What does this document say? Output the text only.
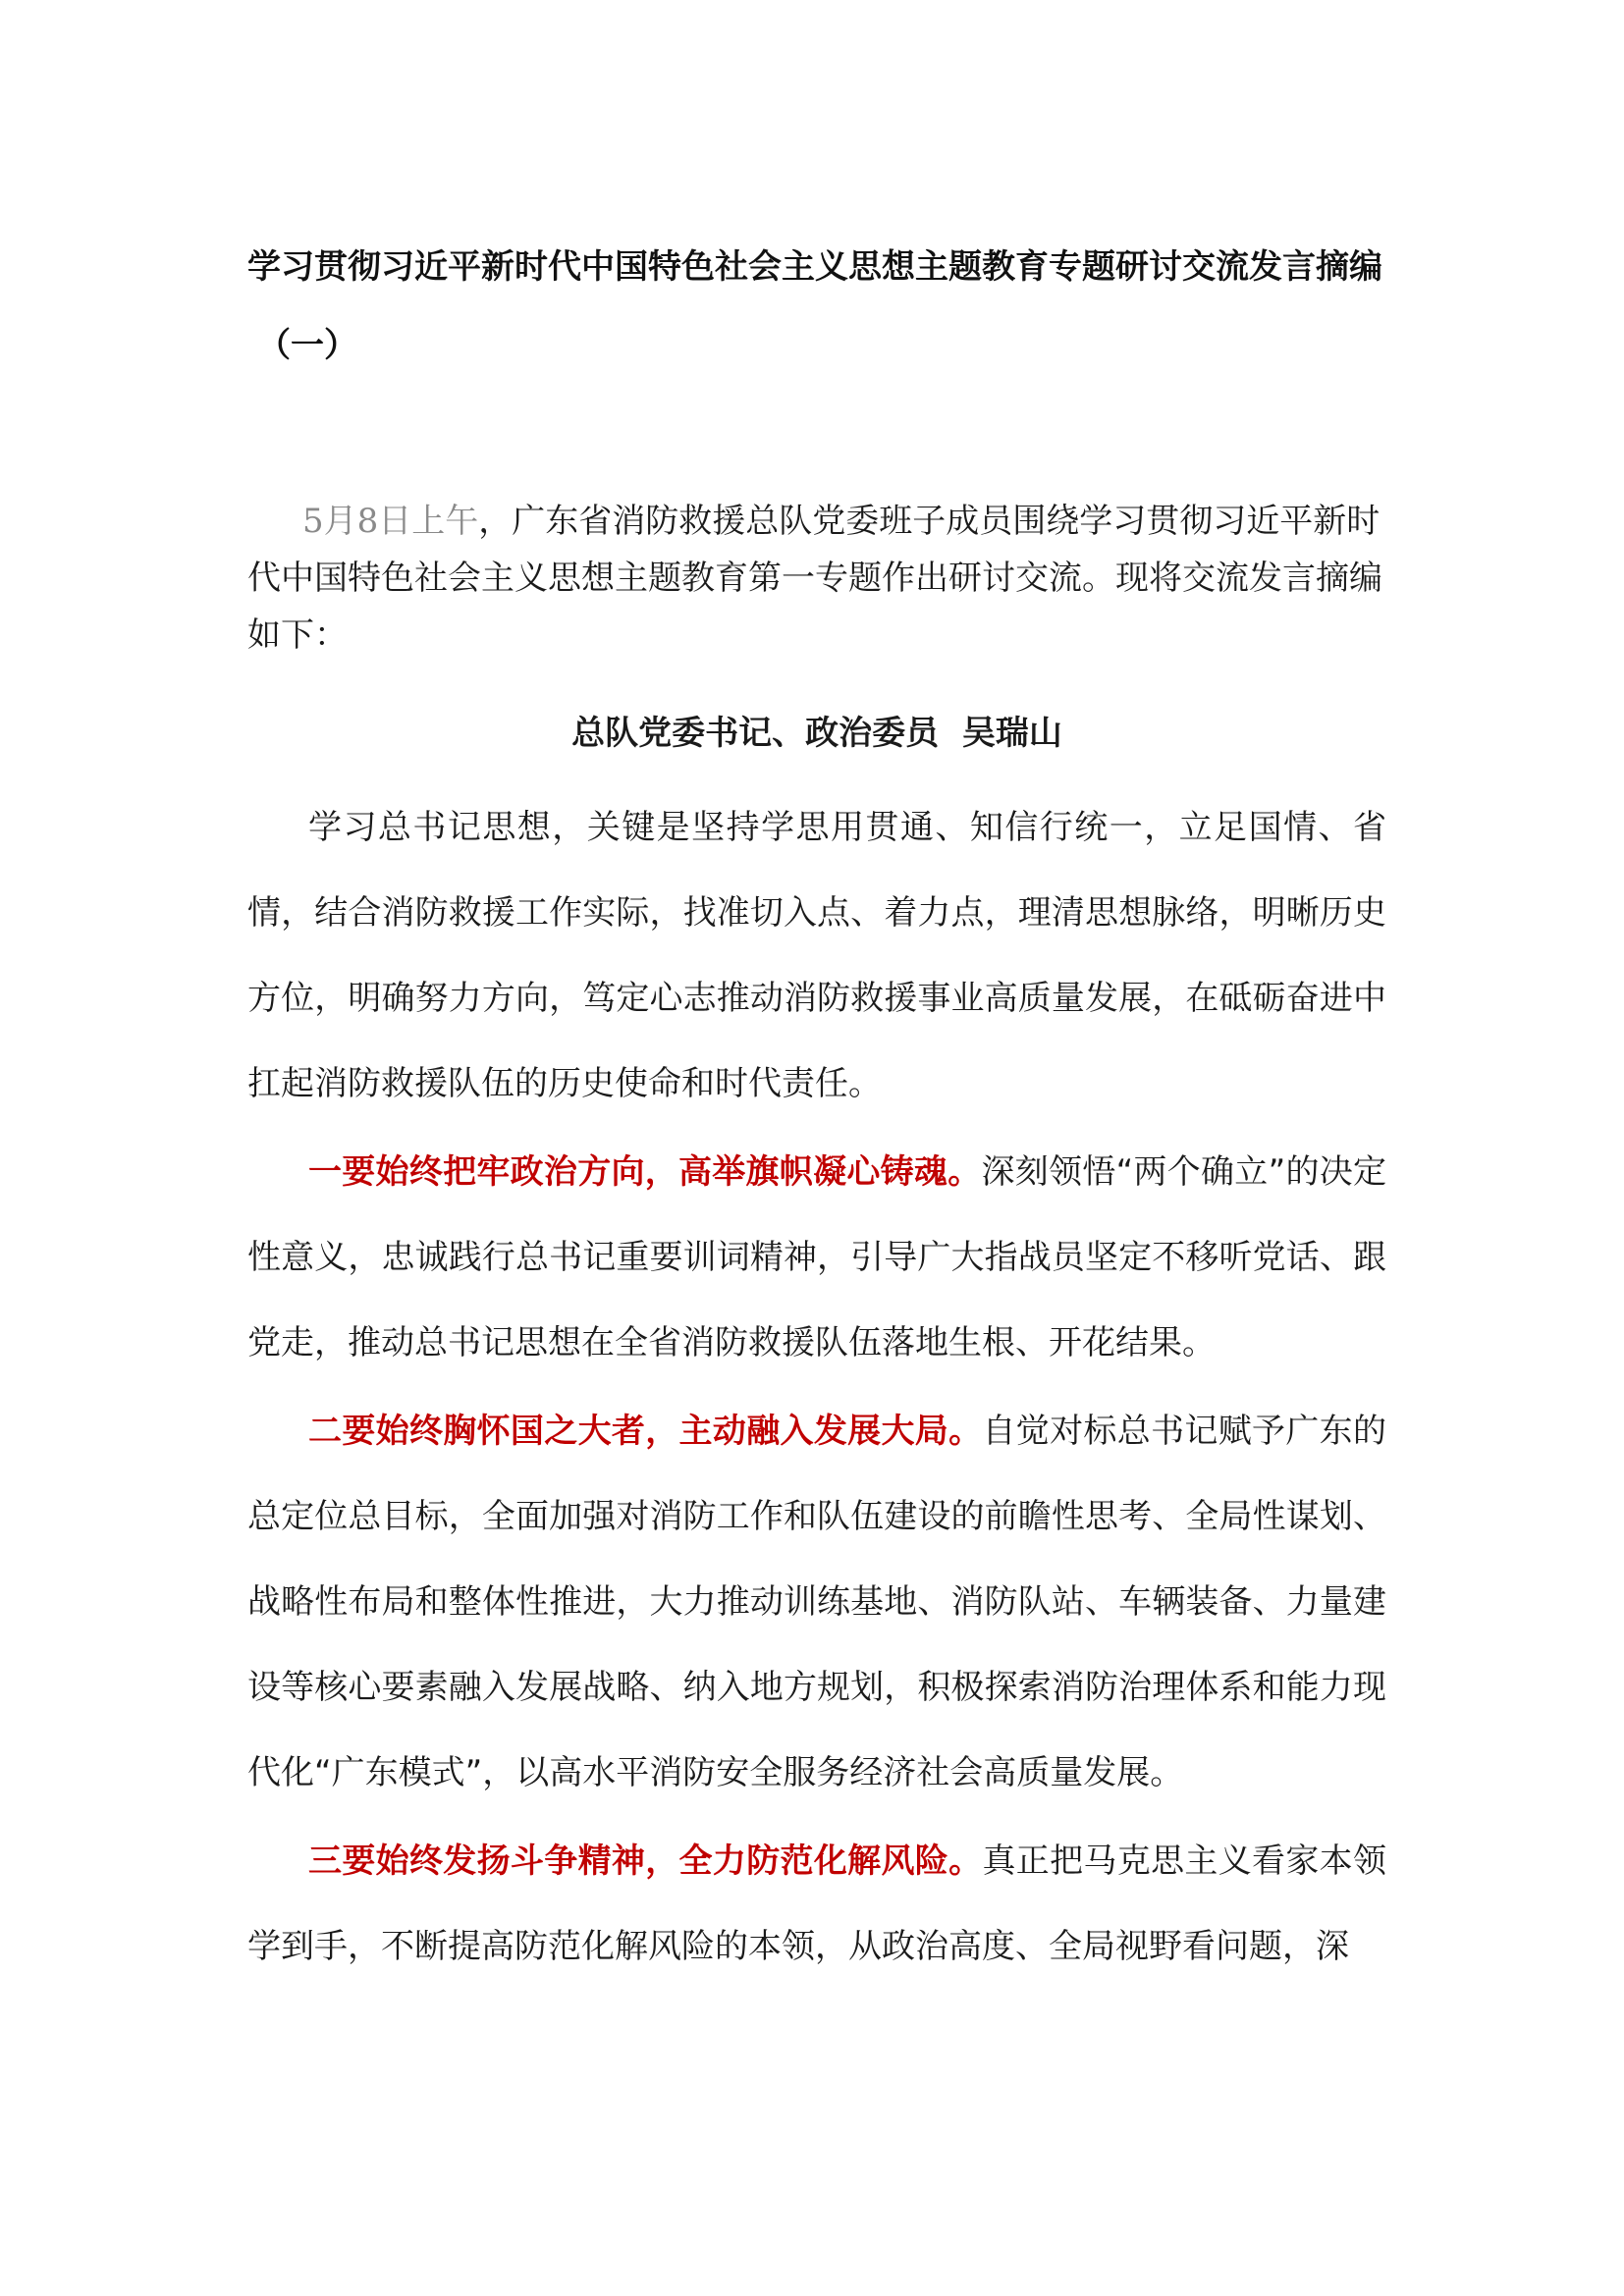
学习贯彻习近平新时代中国特色社会主义思想主题教育专题研讨交流发言摘编
（一）

5月8日上午，广东省消防救援总队党委班子成员围绕学习贯彻习近平新时代中国特色社会主义思想主题教育第一专题作出研讨交流。现将交流发言摘编如下：

总队党委书记、政治委员  吴瑞山

学习总书记思想，关键是坚持学思用贯通、知信行统一，立足国情、省情，结合消防救援工作实际，找准切入点、着力点，理清思想脉络，明晰历史方位，明确努力方向，笃定心志推动消防救援事业高质量发展，在砥砺奋进中扛起消防救援队伍的历史使命和时代责任。

一要始终把牢政治方向，高举旗帜凝心铸魂。深刻领悟“两个确立”的决定性意义，忠诚践行总书记重要训词精神，引导广大指战员坚定不移听党话、跟党走，推动总书记思想在全省消防救援队伍落地生根、开花结果。

二要始终胸怀国之大者，主动融入发展大局。自觉对标总书记赋予广东的总定位总目标，全面加强对消防工作和队伍建设的前瞻性思考、全局性谋划、战略性布局和整体性推进，大力推动训练基地、消防队站、车辆装备、力量建设等核心要素融入发展战略、纳入地方规划，积极探索消防治理体系和能力现代化“广东模式”，以高水平消防安全服务经济社会高质量发展。

三要始终发扬斗争精神，全力防范化解风险。真正把马克思主义看家本领学到手，不断提高防范化解风险的本领，从政治高度、全局视野看问题，深
